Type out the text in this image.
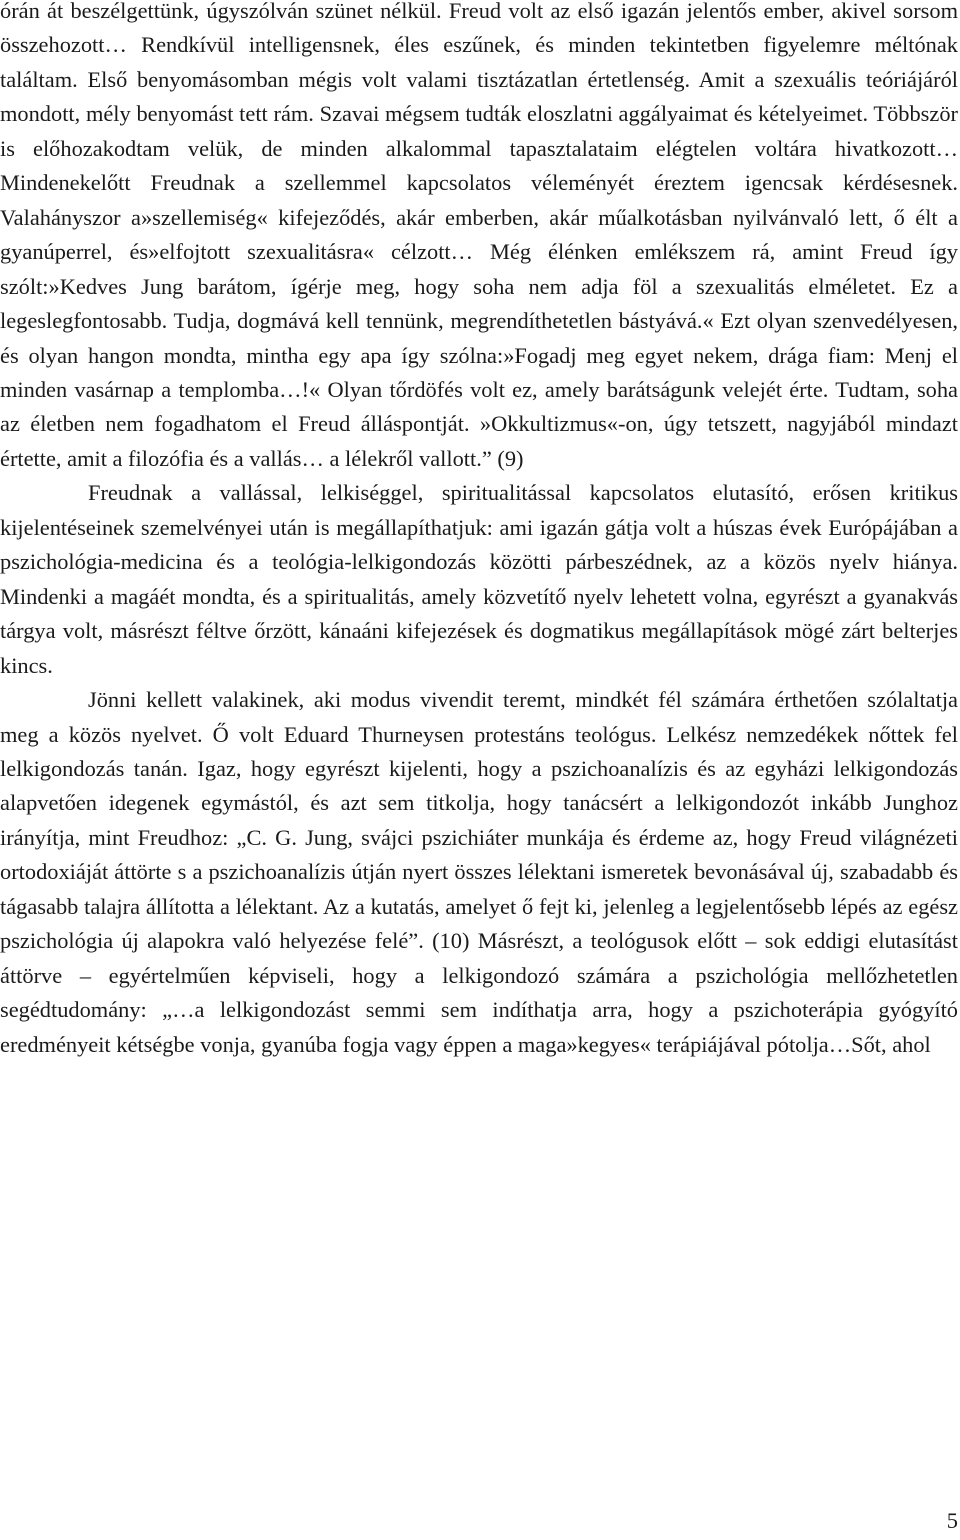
órán át beszélgettünk, úgyszólván szünet nélkül. Freud volt az első igazán jelentős ember, akivel sorsom összehozott… Rendkívül intelligensnek, éles eszűnek, és minden tekintetben figyelemre méltónak találtam. Első benyomásomban mégis volt valami tisztázatlan értetlenség. Amit a szexuális teóriájáról mondott, mély benyomást tett rám. Szavai mégsem tudták eloszlatni aggályaimat és kételyeimet. Többször is előhozakodtam velük, de minden alkalommal tapasztalataim elégtelen voltára hivatkozott… Mindenekelőtt Freudnak a szellemmel kapcsolatos véleményét éreztem igencsak kérdésesnek. Valahányszor a»szellemiség« kifejeződés, akár emberben, akár műalkotásban nyilvánvaló lett, ő élt a gyanúperrel, és»elfojtott szexualitásra« célzott… Még élénken emlékszem rá, amint Freud így szólt:»Kedves Jung barátom, ígérje meg, hogy soha nem adja föl a szexualitás elméletet. Ez a legeslegfontosabb. Tudja, dogmává kell tennünk, megrendíthetetlen bástyává.« Ezt olyan szenvedélyesen, és olyan hangon mondta, mintha egy apa így szólna:»Fogadj meg egyet nekem, drága fiam: Menj el minden vasárnap a templomba…!« Olyan tőrdöfés volt ez, amely barátságunk velejét érte. Tudtam, soha az életben nem fogadhatom el Freud álláspontját. »Okkultizmus«-on, úgy tetszett, nagyjából mindazt értette, amit a filozófia és a vallás… a lélekről vallott.” (9)

Freudnak a vallással, lelkiséggel, spiritualitással kapcsolatos elutasító, erősen kritikus kijelentéseinek szemelvényei után is megállapíthatjuk: ami igazán gátja volt a húszas évek Európájában a pszichológia-medicina és a teológia-lelkigondozás közötti párbeszédnek, az a közös nyelv hiánya. Mindenki a magáét mondta, és a spiritualitás, amely közvetítő nyelv lehetett volna, egyrészt a gyanakvás tárgya volt, másrészt féltve őrzött, kánaáni kifejezések és dogmatikus megállapítások mögé zárt belterjes kincs.

Jönni kellett valakinek, aki modus vivendit teremt, mindkét fél számára érthetően szólaltatja meg a közös nyelvet. Ő volt Eduard Thurneysen protestáns teológus. Lelkész nemzedékek nőttek fel lelkigondozás tanán. Igaz, hogy egyrészt kijelenti, hogy a pszichoanalízis és az egyházi lelkigondozás alapvetően idegenek egymástól, és azt sem titkolja, hogy tanácsért a lelkigondozót inkább Junghoz irányítja, mint Freudhoz: „C. G. Jung, svájci pszichiáter munkája és érdeme az, hogy Freud világnézeti ortodoxiáját áttörte s a pszichoanalízis útján nyert összes lélektani ismeretek bevonásával új, szabadabb és tágasabb talajra állította a lélektant. Az a kutatás, amelyet ő fejt ki, jelenleg a legjelentősebb lépés az egész pszichológia új alapokra való helyezése felé”. (10) Másrészt, a teológusok előtt – sok eddigi elutasítást áttörve – egyértelműen képviseli, hogy a lelkigondozó számára a pszichológia mellőzhetetlen segédtudomány: „…a lelkigondozást semmi sem indíthatja arra, hogy a pszichoterápia gyógyító eredményeit kétségbe vonja, gyanúba fogja vagy éppen a maga»kegyes« terápiájával pótolja…Sőt, ahol

5
